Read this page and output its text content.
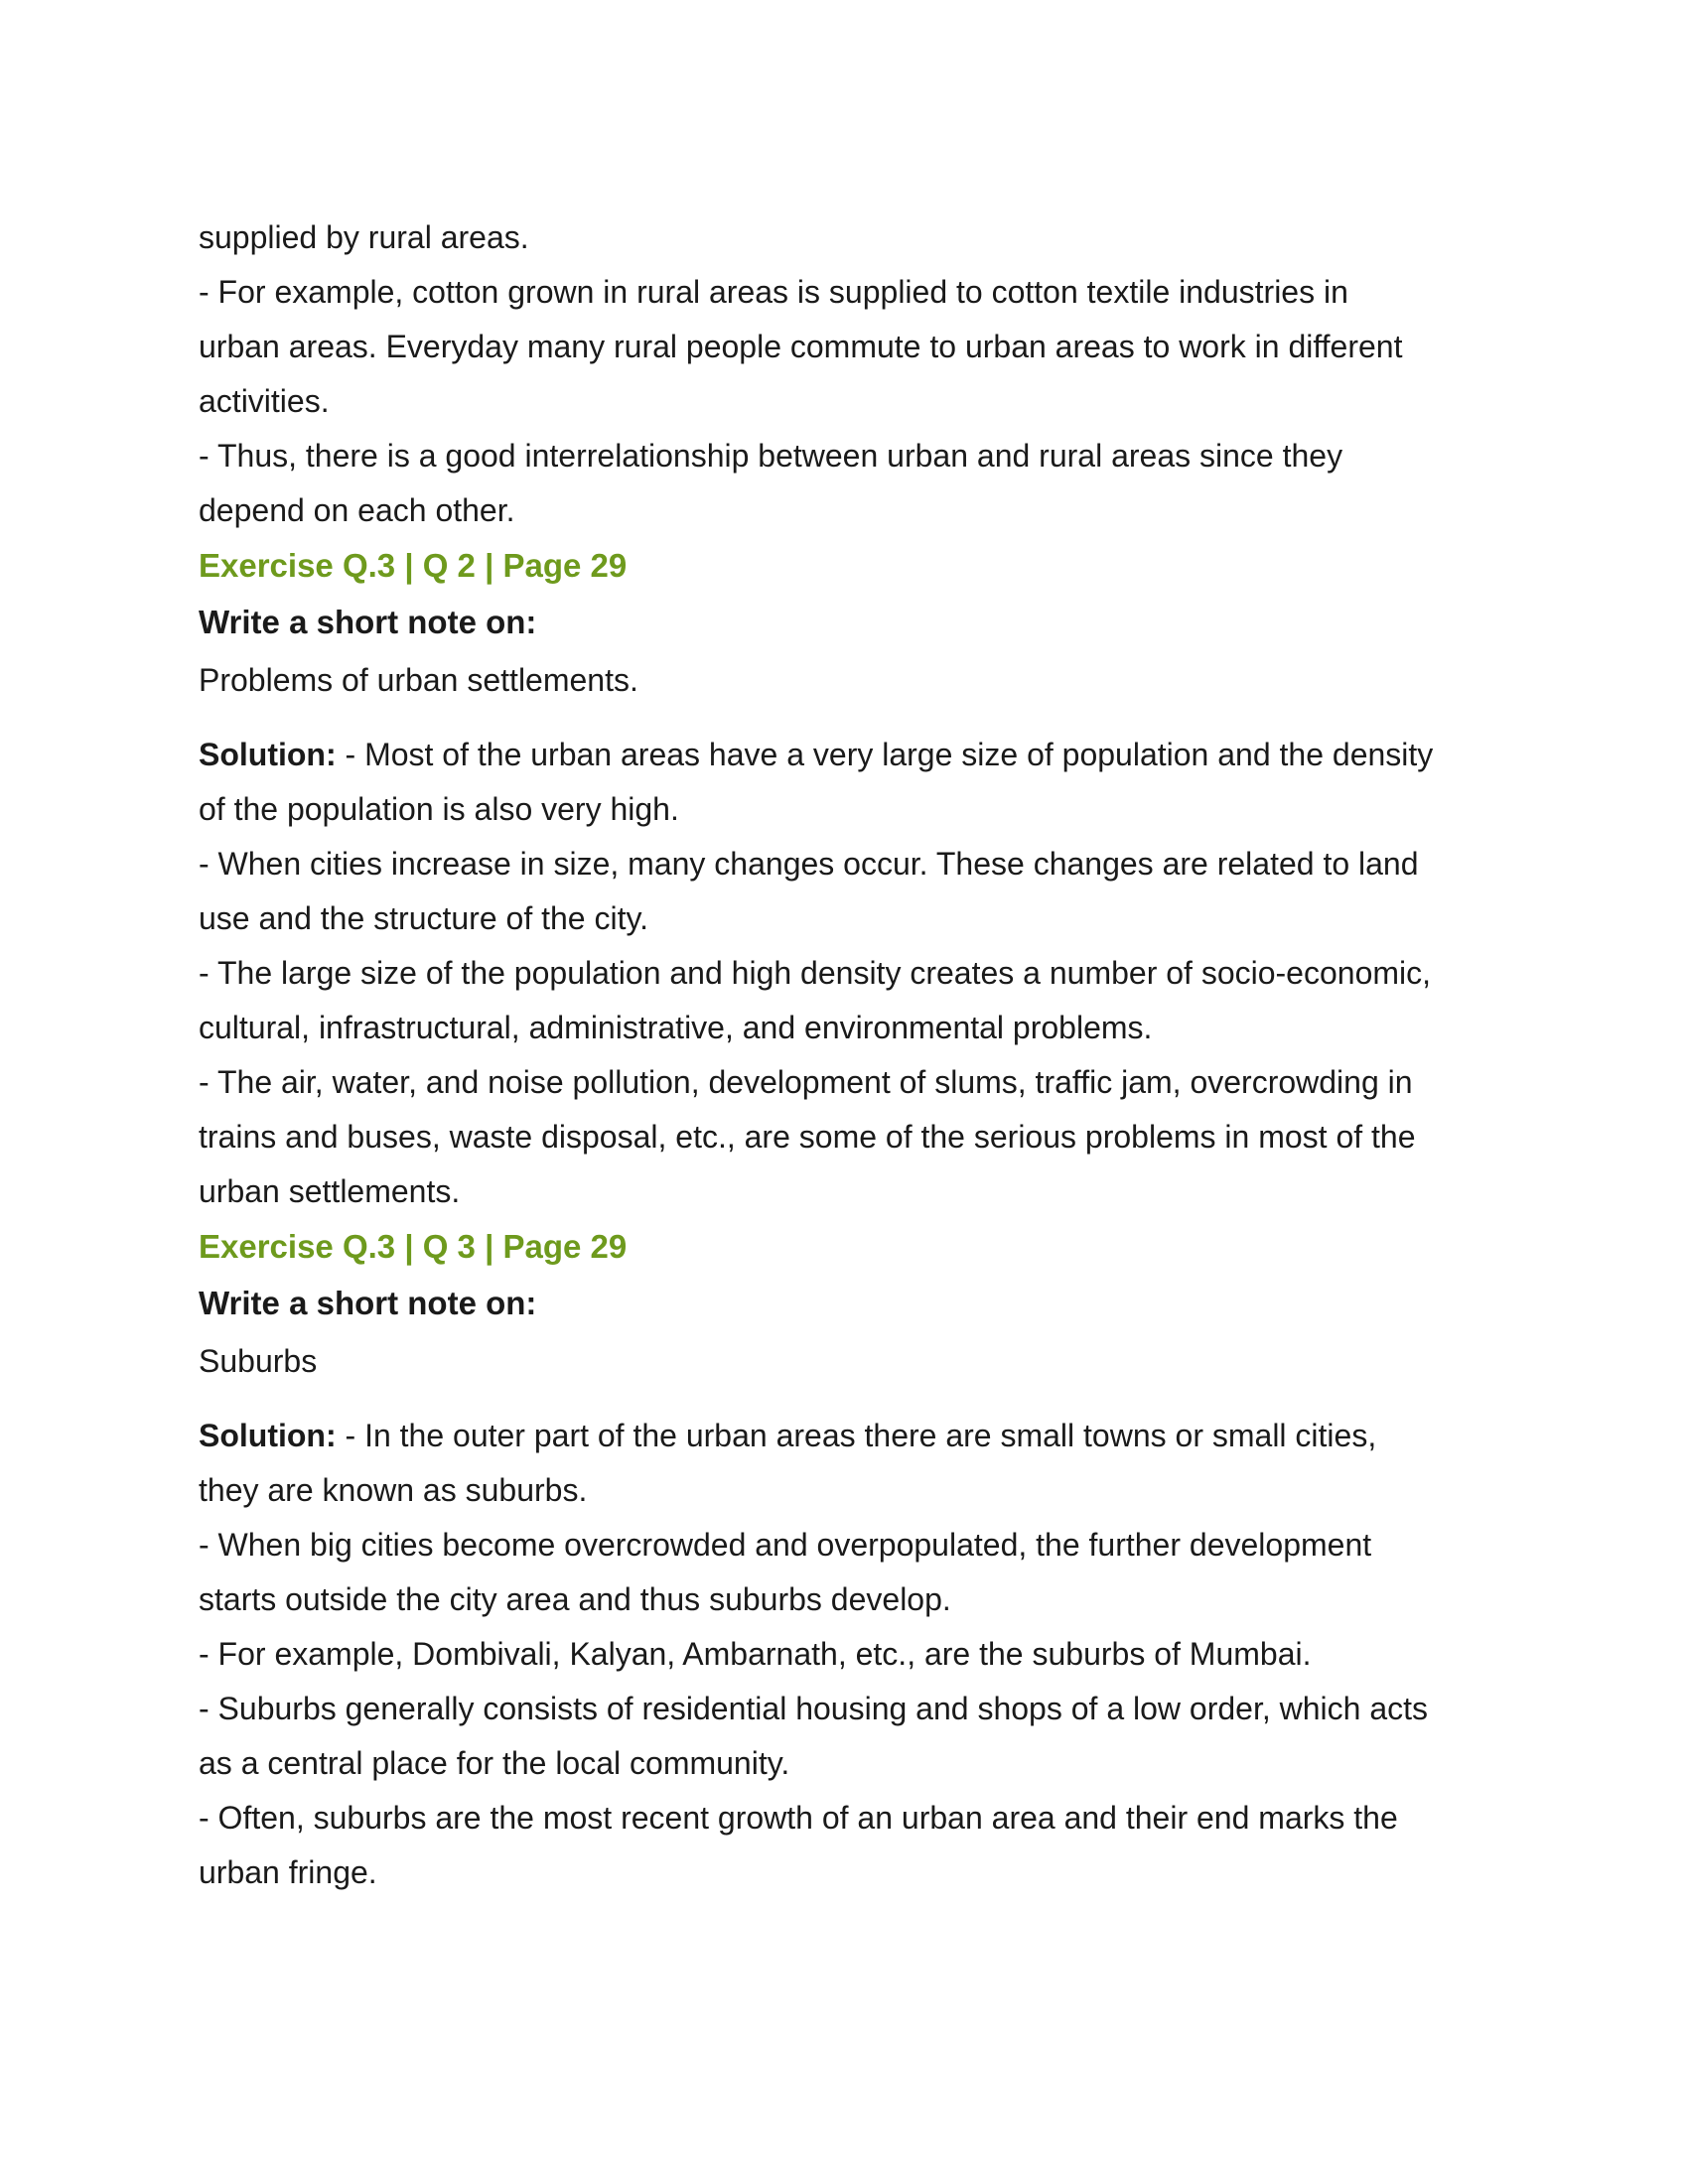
supplied by rural areas.
- For example, cotton grown in rural areas is supplied to cotton textile industries in
urban areas. Everyday many rural people commute to urban areas to work in different
activities.
- Thus, there is a good interrelationship between urban and rural areas since they
depend on each other.
Exercise Q.3 | Q 2 | Page 29
Write a short note on:
Problems of urban settlements.
Solution: - Most of the urban areas have a very large size of population and the density
of the population is also very high.
- When cities increase in size, many changes occur. These changes are related to land
use and the structure of the city.
- The large size of the population and high density creates a number of socio-economic,
cultural, infrastructural, administrative, and environmental problems.
- The air, water, and noise pollution, development of slums, traffic jam, overcrowding in
trains and buses, waste disposal, etc., are some of the serious problems in most of the
urban settlements.
Exercise Q.3 | Q 3 | Page 29
Write a short note on:
Suburbs
Solution: - In the outer part of the urban areas there are small towns or small cities,
they are known as suburbs.
- When big cities become overcrowded and overpopulated, the further development
starts outside the city area and thus suburbs develop.
- For example, Dombivali, Kalyan, Ambarnath, etc., are the suburbs of Mumbai.
- Suburbs generally consists of residential housing and shops of a low order, which acts
as a central place for the local community.
- Often, suburbs are the most recent growth of an urban area and their end marks the
urban fringe.
